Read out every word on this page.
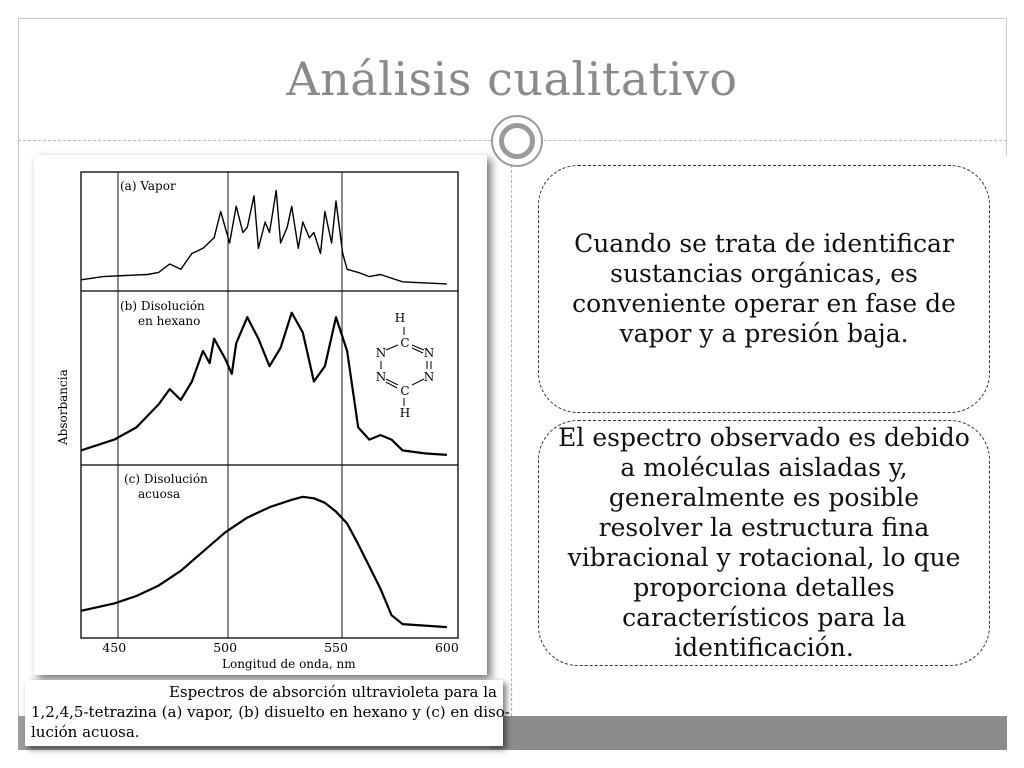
Análisis cualitativo
Cuando se trata de identificar sustancias orgánicas, es conveniente operar en fase de vapor y a presión baja.
El espectro observado es debido a moléculas aisladas y, generalmente es posible resolver la estructura fina vibracional y rotacional, lo que proporciona detalles característicos para la identificación.
450	500	550	600
(a) Vapor
(b) Disolución
en hexano
(c) Disolución
acuosa
Absorbancia
Longitud de onda, nm
H
C
N	N
N	N
C
H
Espectros de absorción ultravioleta para la
1,2,4,5-tetrazina (a) vapor, (b) disuelto en hexano y (c) en diso-
lución acuosa.
